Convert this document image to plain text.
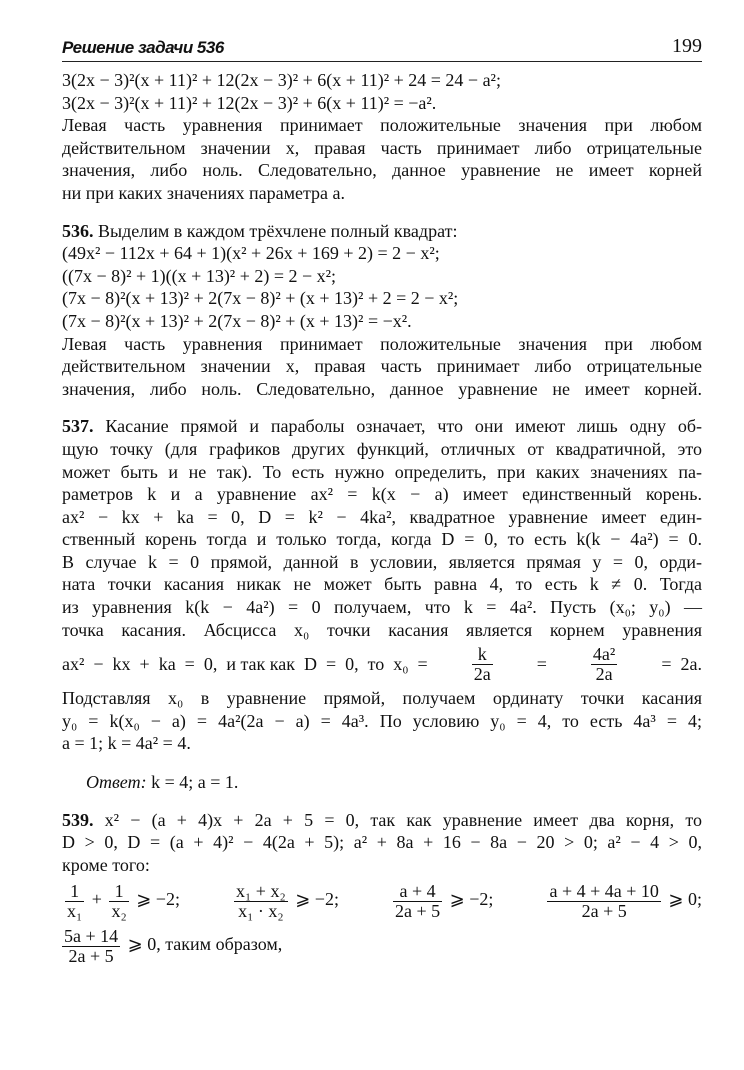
Решение задачи 536	199
3(2x − 3)²(x + 11)² + 12(2x − 3)² + 6(x + 11)² + 24 = 24 − a²;
3(2x − 3)²(x + 11)² + 12(2x − 3)² + 6(x + 11)² = −a².
Левая часть уравнения принимает положительные значения при любом
действительном значении x, правая часть принимает либо отрицательные
значения, либо ноль. Следовательно, данное уравнение не имеет корней
ни при каких значениях параметра a.
536. Выделим в каждом трёхчлене полный квадрат:
(49x² − 112x + 64 + 1)(x² + 26x + 169 + 2) = 2 − x²;
((7x − 8)² + 1)((x + 13)² + 2) = 2 − x²;
(7x − 8)²(x + 13)² + 2(7x − 8)² + (x + 13)² + 2 = 2 − x²;
(7x − 8)²(x + 13)² + 2(7x − 8)² + (x + 13)² = −x².
Левая часть уравнения принимает положительные значения при любом
действительном значении x, правая часть принимает либо отрицательные
значения, либо ноль. Следовательно, данное уравнение не имеет корней.
537. Касание прямой и параболы означает, что они имеют лишь одну об-
щую точку (для графиков других функций, отличных от квадратичной, это
может быть и не так). То есть нужно определить, при каких значениях па-
раметров k и a уравнение ax² = k(x − a) имеет единственный корень.
ax² − kx + ka = 0, D = k² − 4ka², квадратное уравнение имеет един-
ственный корень тогда и только тогда, когда D = 0, то есть k(k − 4a²) = 0.
В случае k = 0 прямой, данной в условии, является прямая y = 0, орди-
ната точки касания никак не может быть равна 4, то есть k ≠ 0. Тогда
из уравнения k(k − 4a²) = 0 получаем, что k = 4a². Пусть (x₀; y₀) —
точка касания. Абсцисса x₀ точки касания является корнем уравнения
ax²  −  kx  +  ka  =  0,  и так как  D  =  0,  то  $x_0 = \frac{k}{2a} = \frac{\text{4a²}}{2a} = 2a$.
Подставляя x₀ в уравнение прямой, получаем ординату точки касания
y₀ = k(x₀ − a) = 4a²(2a − a) = 4a³. По условию y₀ = 4, то есть 4a³ = 4;
a = 1; k = 4a² = 4.
Ответ: k = 4; a = 1.
539. x² − (a + 4)x + 2a + 5 = 0, так как уравнение имеет два корня, то
D > 0, D = (a + 4)² − 4(2a + 5); a² + 8a + 16 − 8a − 20 > 0; a² − 4 > 0,
кроме того:
$\frac{1}{\text{x₁}} + \frac{1}{\text{x₂}}$ ⩾ −2;	$\frac{\text{x₁ + x₂}}{\text{x₁ · x₂}}$ ⩾ −2;	$\frac{a + 4}{2a + 5}$ ⩾ −2;	$\frac{a + 4 + 4a + 10}{2a + 5}$ ⩾ 0;
$\frac{5a + 14}{2a + 5}$ ⩾ 0, таким образом,
